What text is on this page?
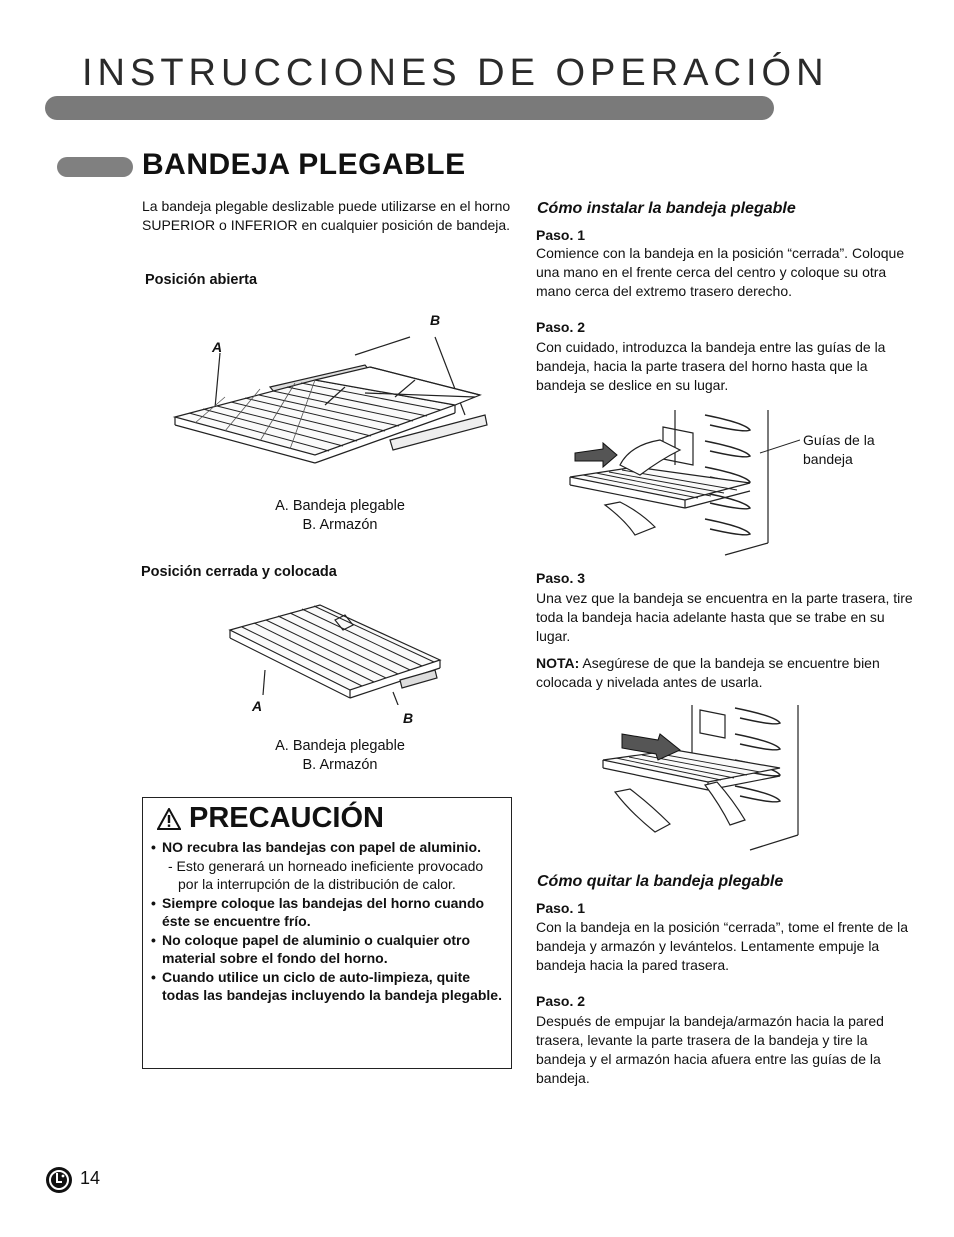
INSTRUCCIONES DE OPERACIÓN
BANDEJA PLEGABLE
La bandeja plegable deslizable puede utilizarse en el horno SUPERIOR o INFERIOR en cualquier posición de bandeja.
Posición abierta
A
B
A. Bandeja plegable
B. Armazón
Posición cerrada y colocada
A
B
A. Bandeja plegable
B. Armazón
PRECAUCIÓN
• NO recubra las bandejas con papel de aluminio.
- Esto generará un horneado ineficiente provocado por la interrupción de la distribución de calor.
• Siempre coloque las bandejas del horno cuando éste se encuentre frío.
• No coloque papel de aluminio o cualquier otro material sobre el fondo del horno.
• Cuando utilice un ciclo de auto-limpieza, quite todas las bandejas incluyendo la bandeja plegable.
Cómo instalar la bandeja plegable
Paso. 1
Comience con la bandeja en la posición “cerrada”. Coloque una mano en el frente cerca del centro y coloque su otra mano cerca del extremo trasero derecho.
Paso. 2
Con cuidado, introduzca la bandeja entre las guías de la bandeja, hacia la parte trasera del horno hasta que la bandeja se deslice en su lugar.
Guías de la
bandeja
Paso. 3
Una vez que la bandeja se encuentra en la parte trasera, tire toda la bandeja hacia adelante hasta que se trabe en su lugar.
NOTA: Asegúrese de que la bandeja se encuentre bien colocada y nivelada antes de usarla.
Cómo quitar la bandeja plegable
Paso. 1
Con la bandeja en la posición “cerrada”, tome el frente de la bandeja y armazón y levántelos. Lentamente empuje la bandeja hacia la pared trasera.
Paso. 2
Después de empujar la bandeja/armazón hacia la pared trasera, levante la parte trasera de la bandeja y tire la bandeja y el armazón hacia afuera entre las guías de la bandeja.
14
